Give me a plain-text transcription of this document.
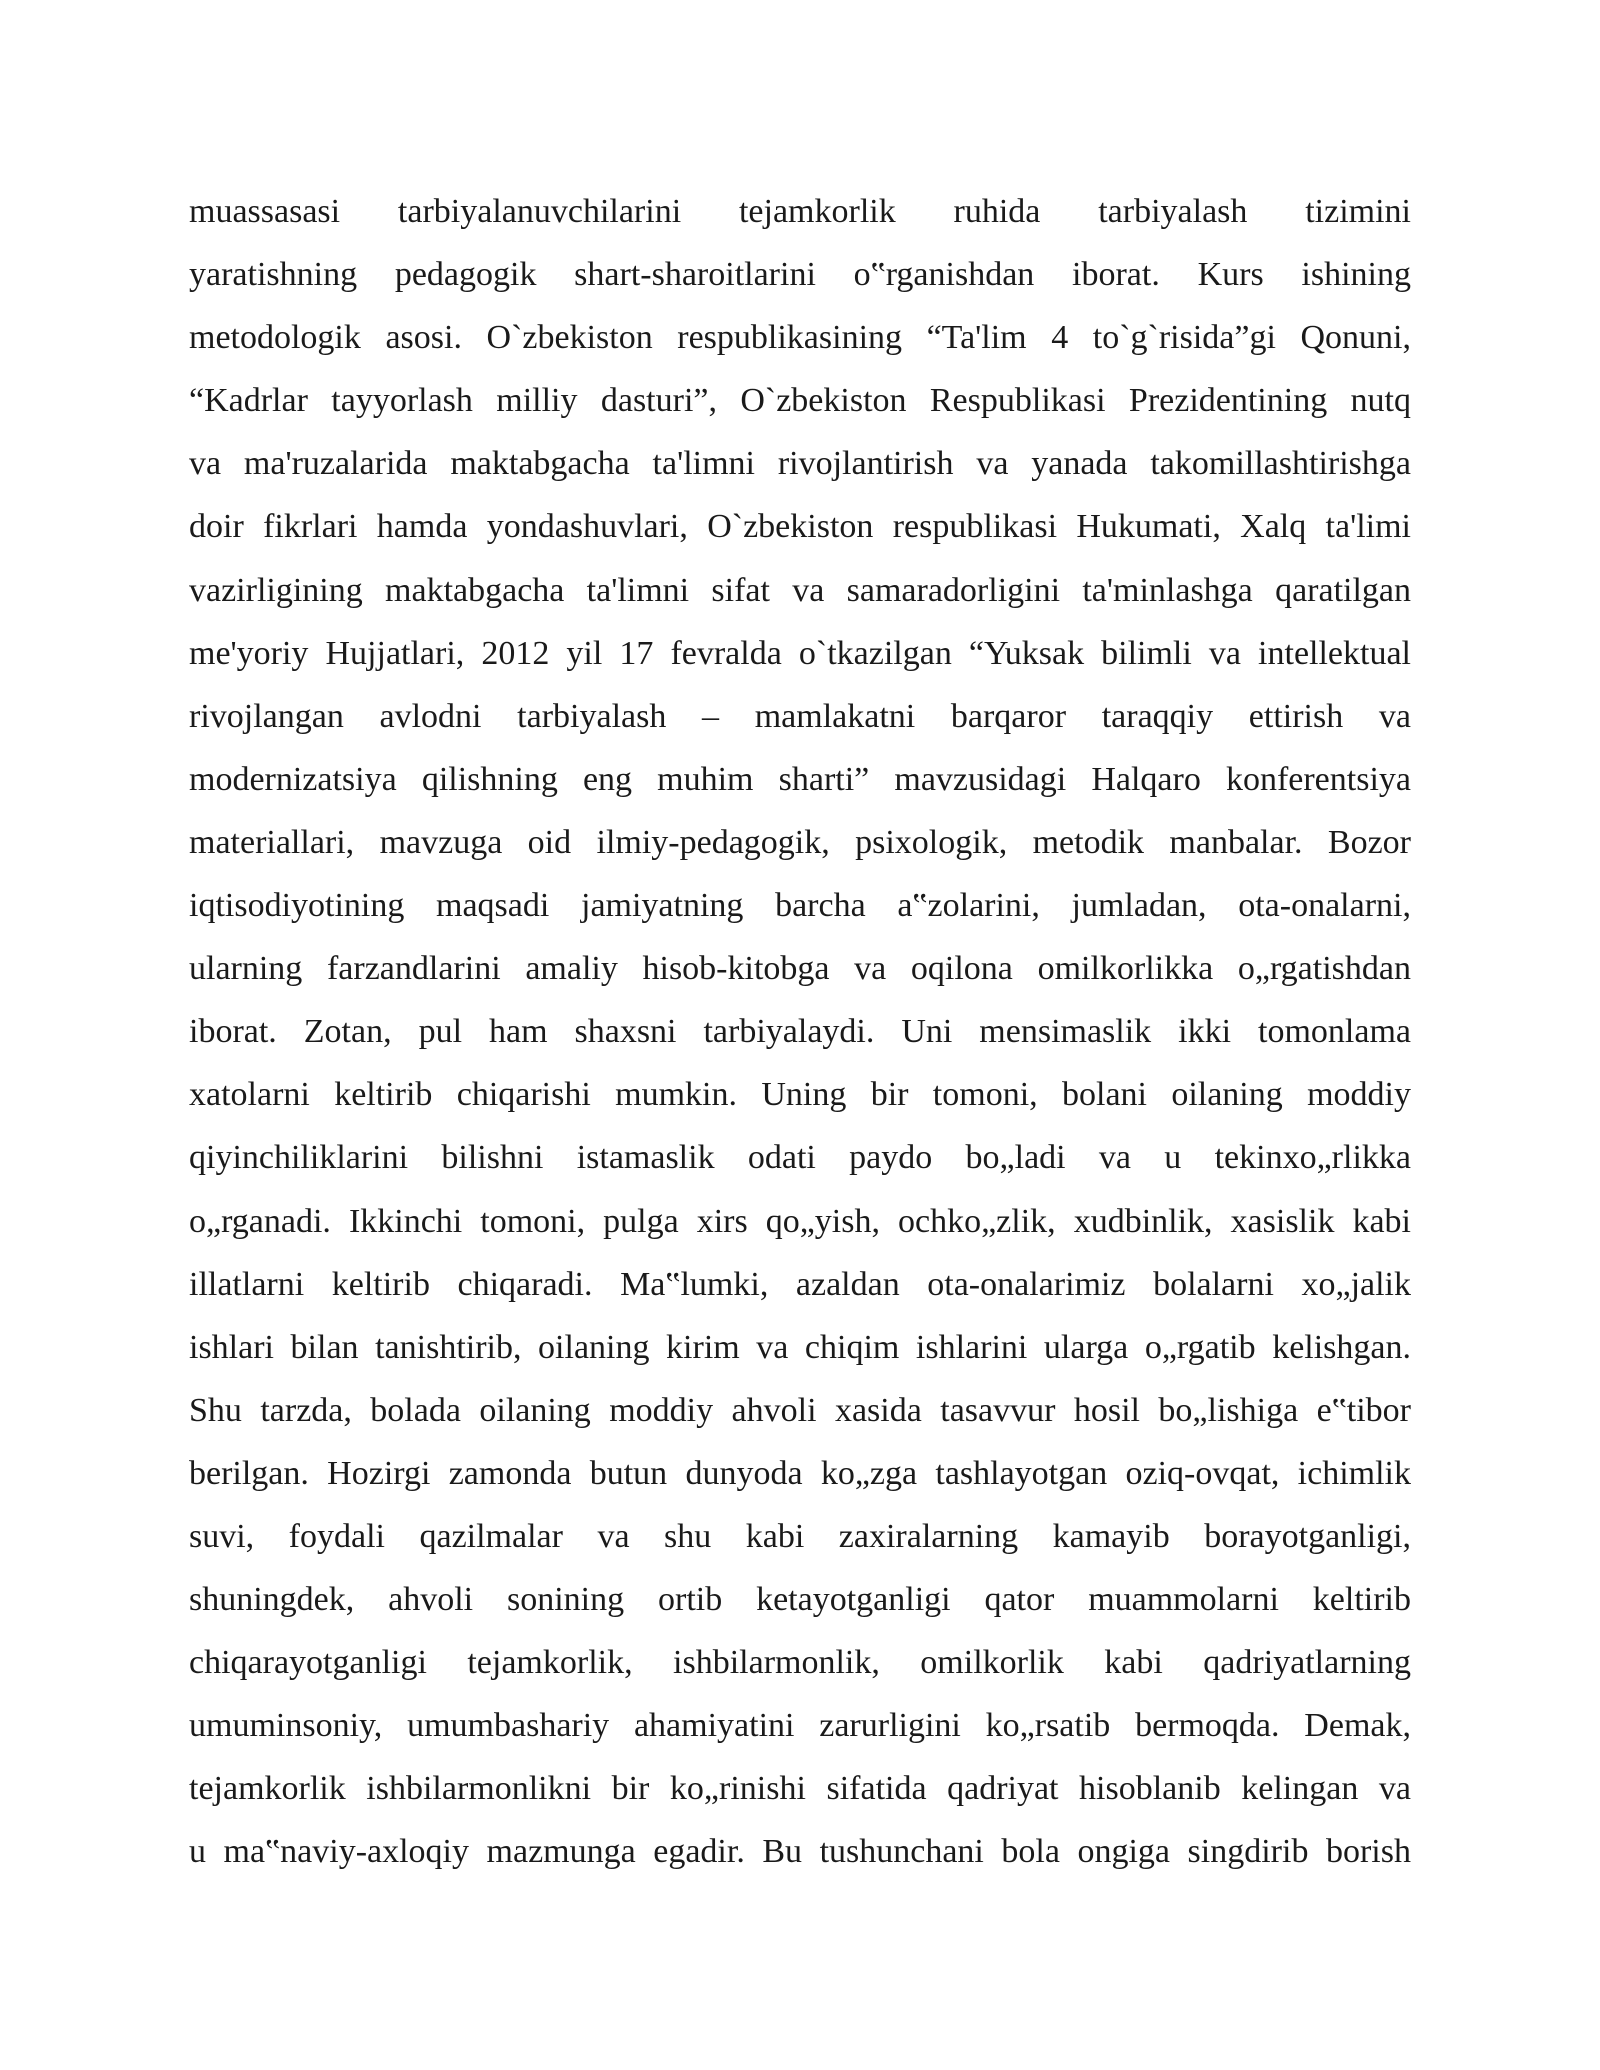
muassasasi tarbiyalanuvchilarini tejamkorlik ruhida tarbiyalash tizimini
yaratishning pedagogik shart-sharoitlarini o‟rganishdan iborat. Kurs ishining
metodologik asosi. O`zbekiston respublikasining “Ta'lim 4 to`g`risida”gi Qonuni,
“Kadrlar tayyorlash milliy dasturi”, O`zbekiston Respublikasi Prezidentining nutq
va ma'ruzalarida maktabgacha ta'limni rivojlantirish va yanada takomillashtirishga
doir fikrlari hamda yondashuvlari, O`zbekiston respublikasi Hukumati, Xalq ta'limi
vazirligining maktabgacha ta'limni sifat va samaradorligini ta'minlashga qaratilgan
me'yoriy Hujjatlari, 2012 yil 17 fevralda o`tkazilgan “Yuksak bilimli va intellektual
rivojlangan avlodni tarbiyalash – mamlakatni barqaror taraqqiy ettirish va
modernizatsiya qilishning eng muhim sharti” mavzusidagi Halqaro konferentsiya
materiallari, mavzuga oid ilmiy-pedagogik, psixologik, metodik manbalar. Bozor
iqtisodiyotining maqsadi jamiyatning barcha a‟zolarini, jumladan, ota-onalarni,
ularning farzandlarini amaliy hisob-kitobga va oqilona omilkorlikka o„rgatishdan
iborat. Zotan, pul ham shaxsni tarbiyalaydi. Uni mensimaslik ikki tomonlama
xatolarni keltirib chiqarishi mumkin. Uning bir tomoni, bolani oilaning moddiy
qiyinchiliklarini bilishni istamaslik odati paydo bo„ladi va u tekinxo„rlikka
o„rganadi. Ikkinchi tomoni, pulga xirs qo„yish, ochko„zlik, xudbinlik, xasislik kabi
illatlarni keltirib chiqaradi. Ma‟lumki, azaldan ota-onalarimiz bolalarni xo„jalik
ishlari bilan tanishtirib, oilaning kirim va chiqim ishlarini ularga o„rgatib kelishgan.
Shu tarzda, bolada oilaning moddiy ahvoli xasida tasavvur hosil bo„lishiga e‟tibor
berilgan. Hozirgi zamonda butun dunyoda ko„zga tashlayotgan oziq-ovqat, ichimlik
suvi, foydali qazilmalar va shu kabi zaxiralarning kamayib borayotganligi,
shuningdek, ahvoli sonining ortib ketayotganligi qator muammolarni keltirib
chiqarayotganligi tejamkorlik, ishbilarmonlik, omilkorlik kabi qadriyatlarning
umuminsoniy, umumbashariy ahamiyatini zarurligini ko„rsatib bermoqda. Demak,
tejamkorlik ishbilarmonlikni bir ko„rinishi sifatida qadriyat hisoblanib kelingan va
u ma‟naviy-axloqiy mazmunga egadir. Bu tushunchani bola ongiga singdirib borish
